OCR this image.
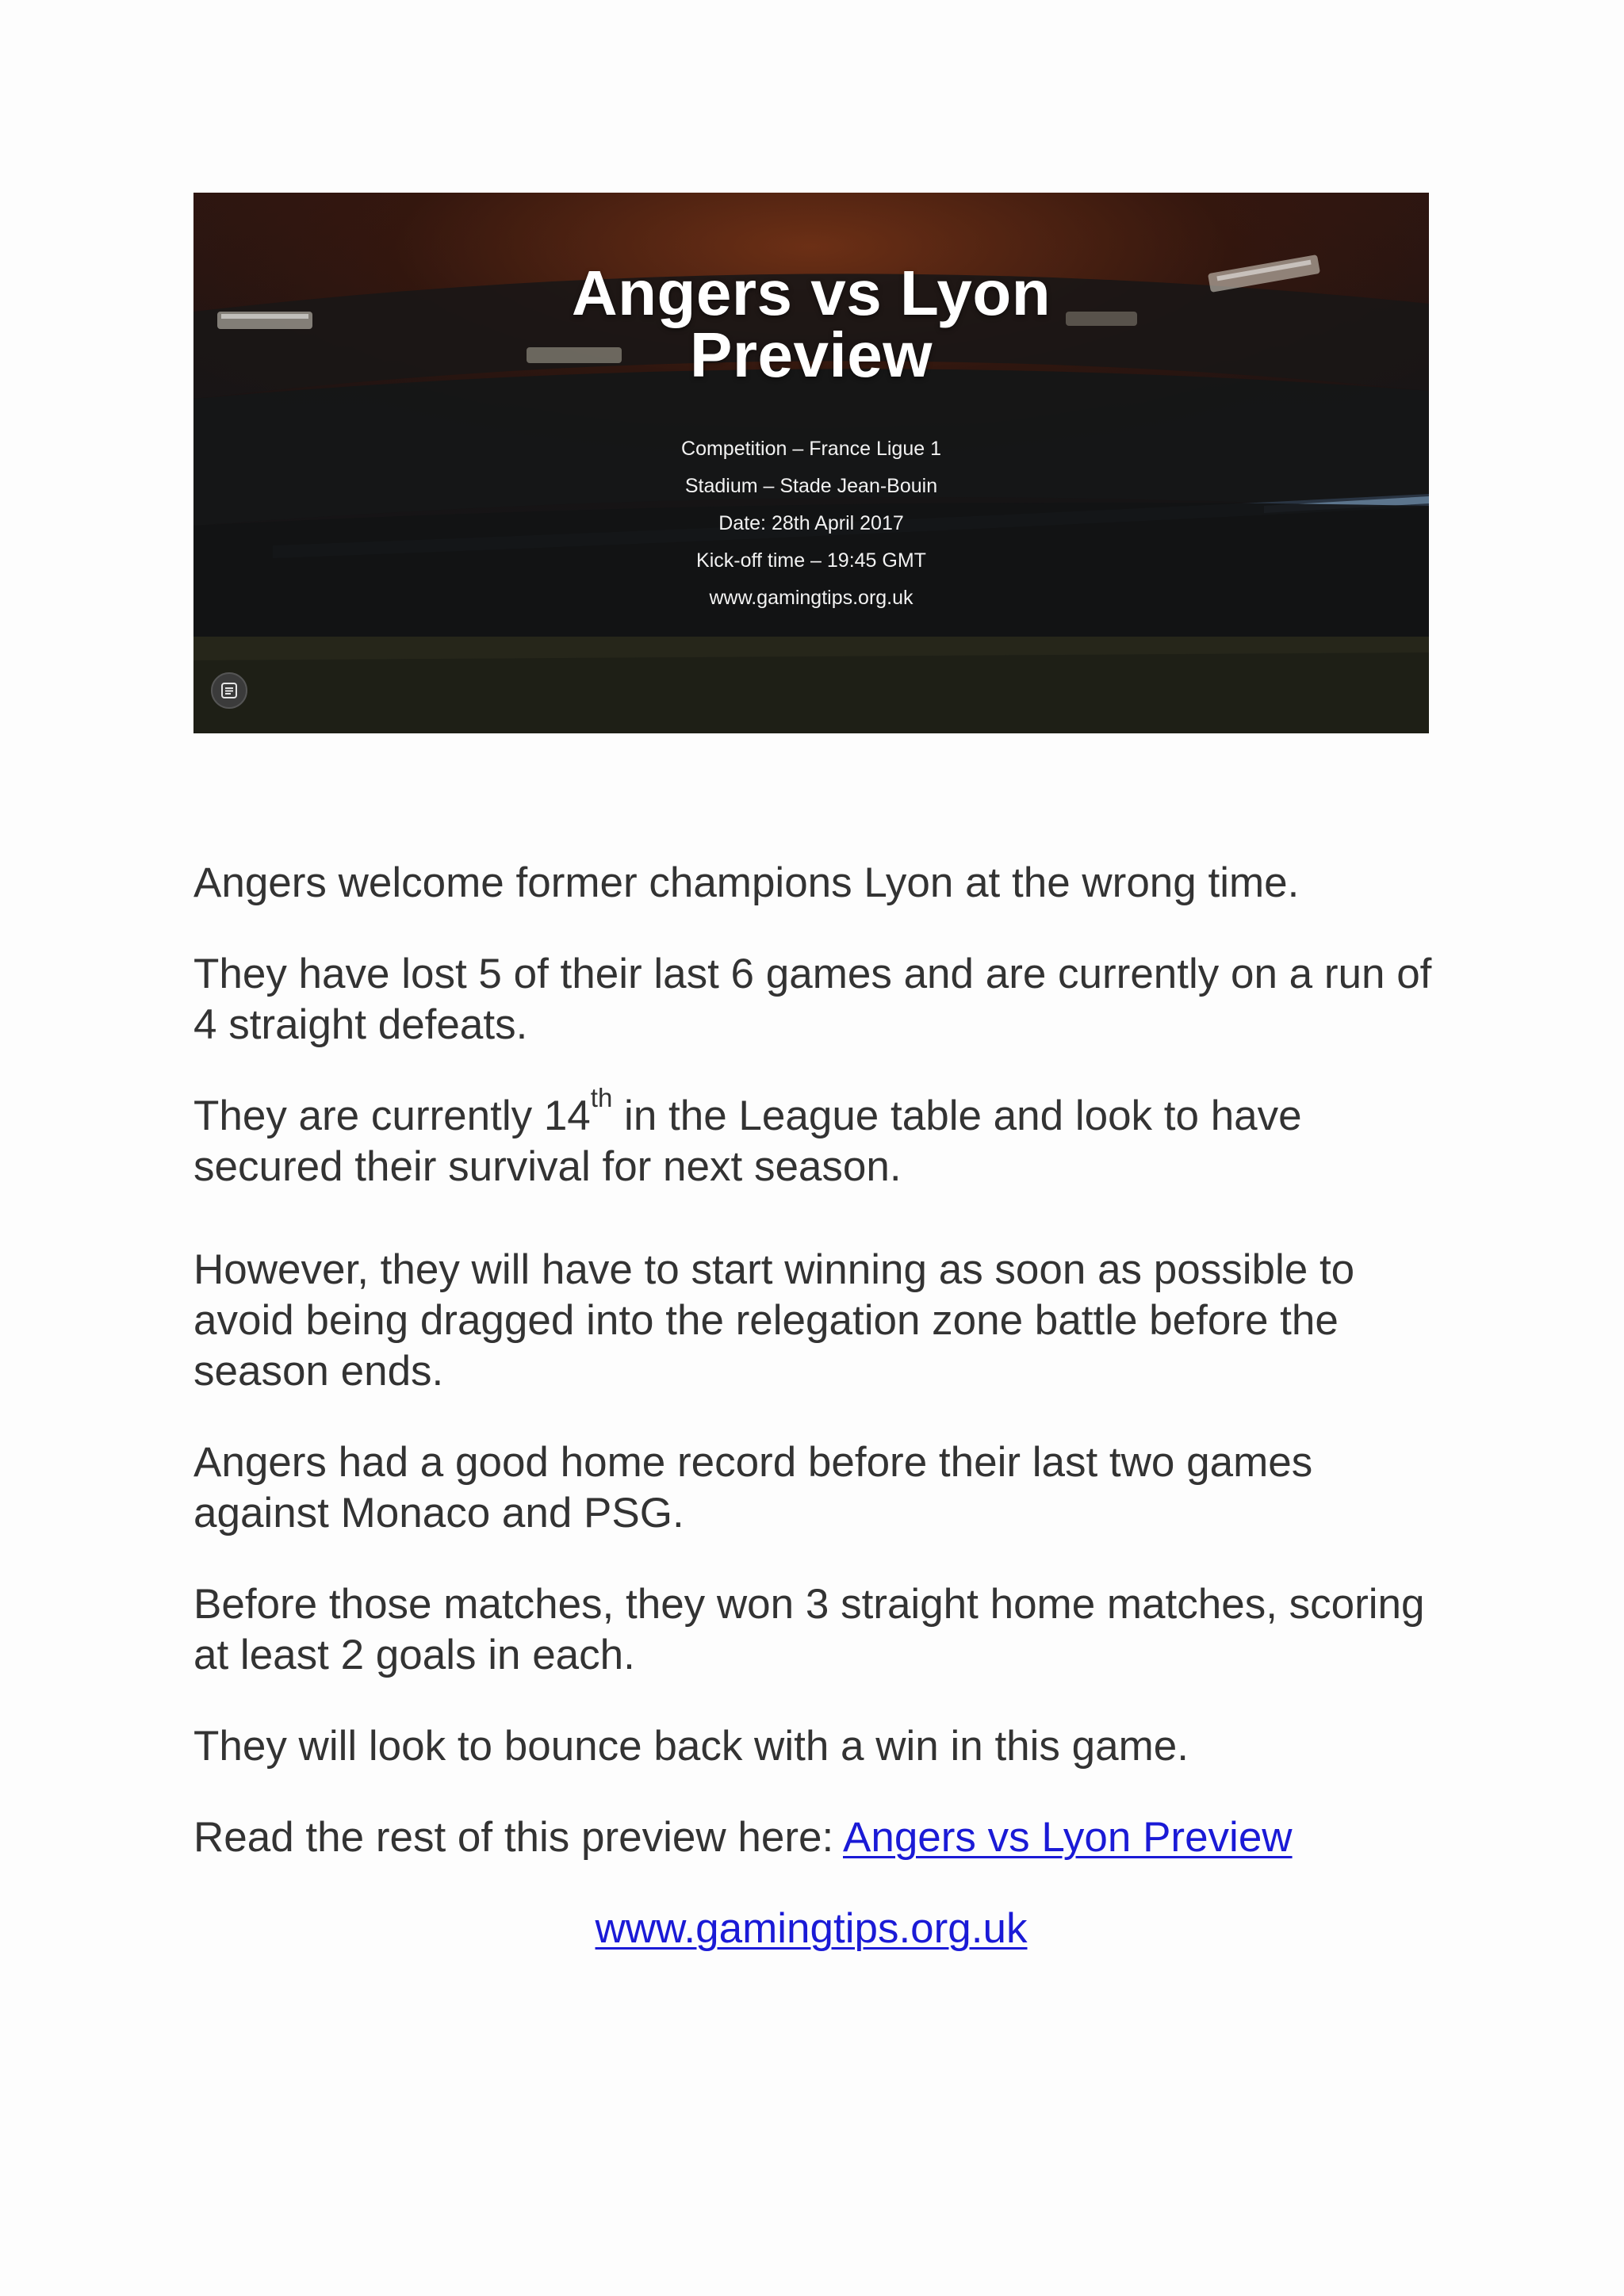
Angers vs Lyon
Preview
Competition – France Ligue 1
Stadium – Stade Jean-Bouin
Date: 28th April 2017
Kick-off time – 19:45 GMT
www.gamingtips.org.uk

Angers welcome former champions Lyon at the wrong time.

They have lost 5 of their last 6 games and are currently on a run of 4 straight defeats.

They are currently 14th in the League table and look to have secured their survival for next season.

However, they will have to start winning as soon as possible to avoid being dragged into the relegation zone battle before the season ends.

Angers had a good home record before their last two games against Monaco and PSG.

Before those matches, they won 3 straight home matches, scoring at least 2 goals in each.

They will look to bounce back with a win in this game.

Read the rest of this preview here: Angers vs Lyon Preview

www.gamingtips.org.uk
